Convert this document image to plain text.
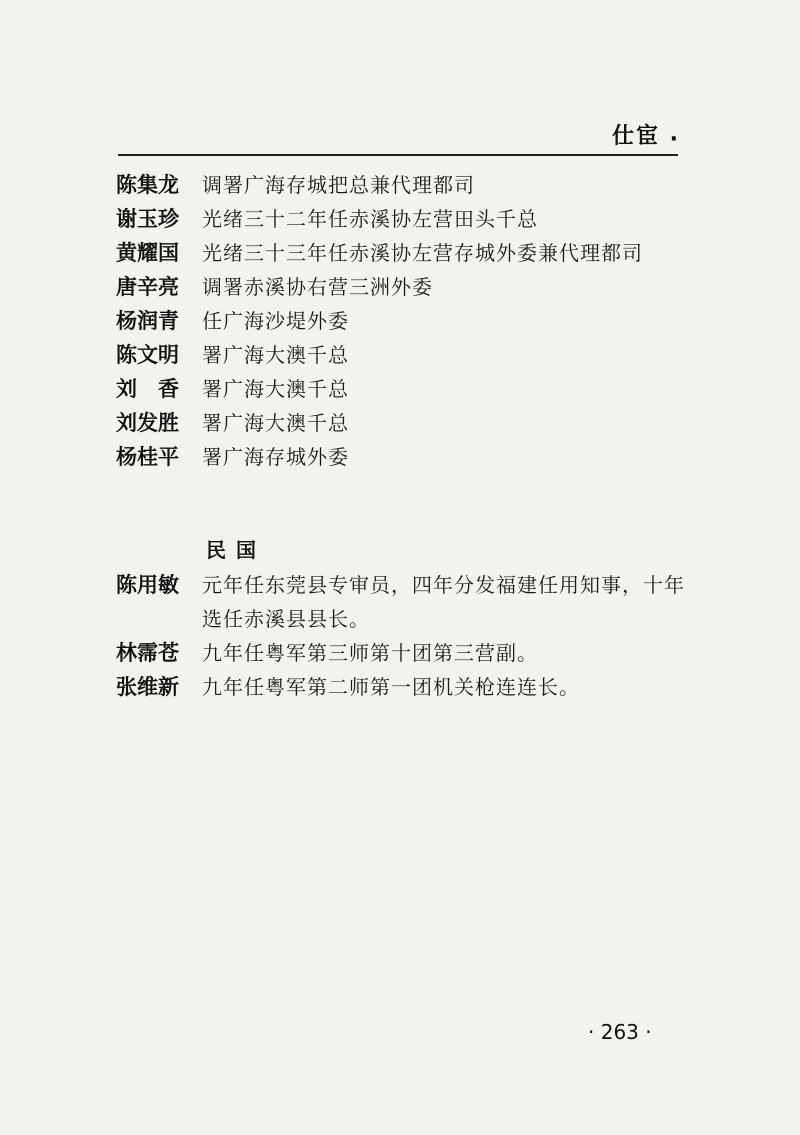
仕宦 ·
陈集龙	调署广海存城把总兼代理都司
谢玉珍	光绪三十二年任赤溪协左营田头千总
黄耀国	光绪三十三年任赤溪协左营存城外委兼代理都司
唐辛亮	调署赤溪协右营三洲外委
杨润青	任广海沙堤外委
陈文明	署广海大澳千总
刘　香	署广海大澳千总
刘发胜	署广海大澳千总
杨桂平	署广海存城外委
民国
陈用敏	元年任东莞县专审员，四年分发福建任用知事，十年选任赤溪县县长。
林霈苍	九年任粤军第三师第十团第三营副。
张维新	九年任粤军第二师第一团机关枪连连长。
· 263 ·
